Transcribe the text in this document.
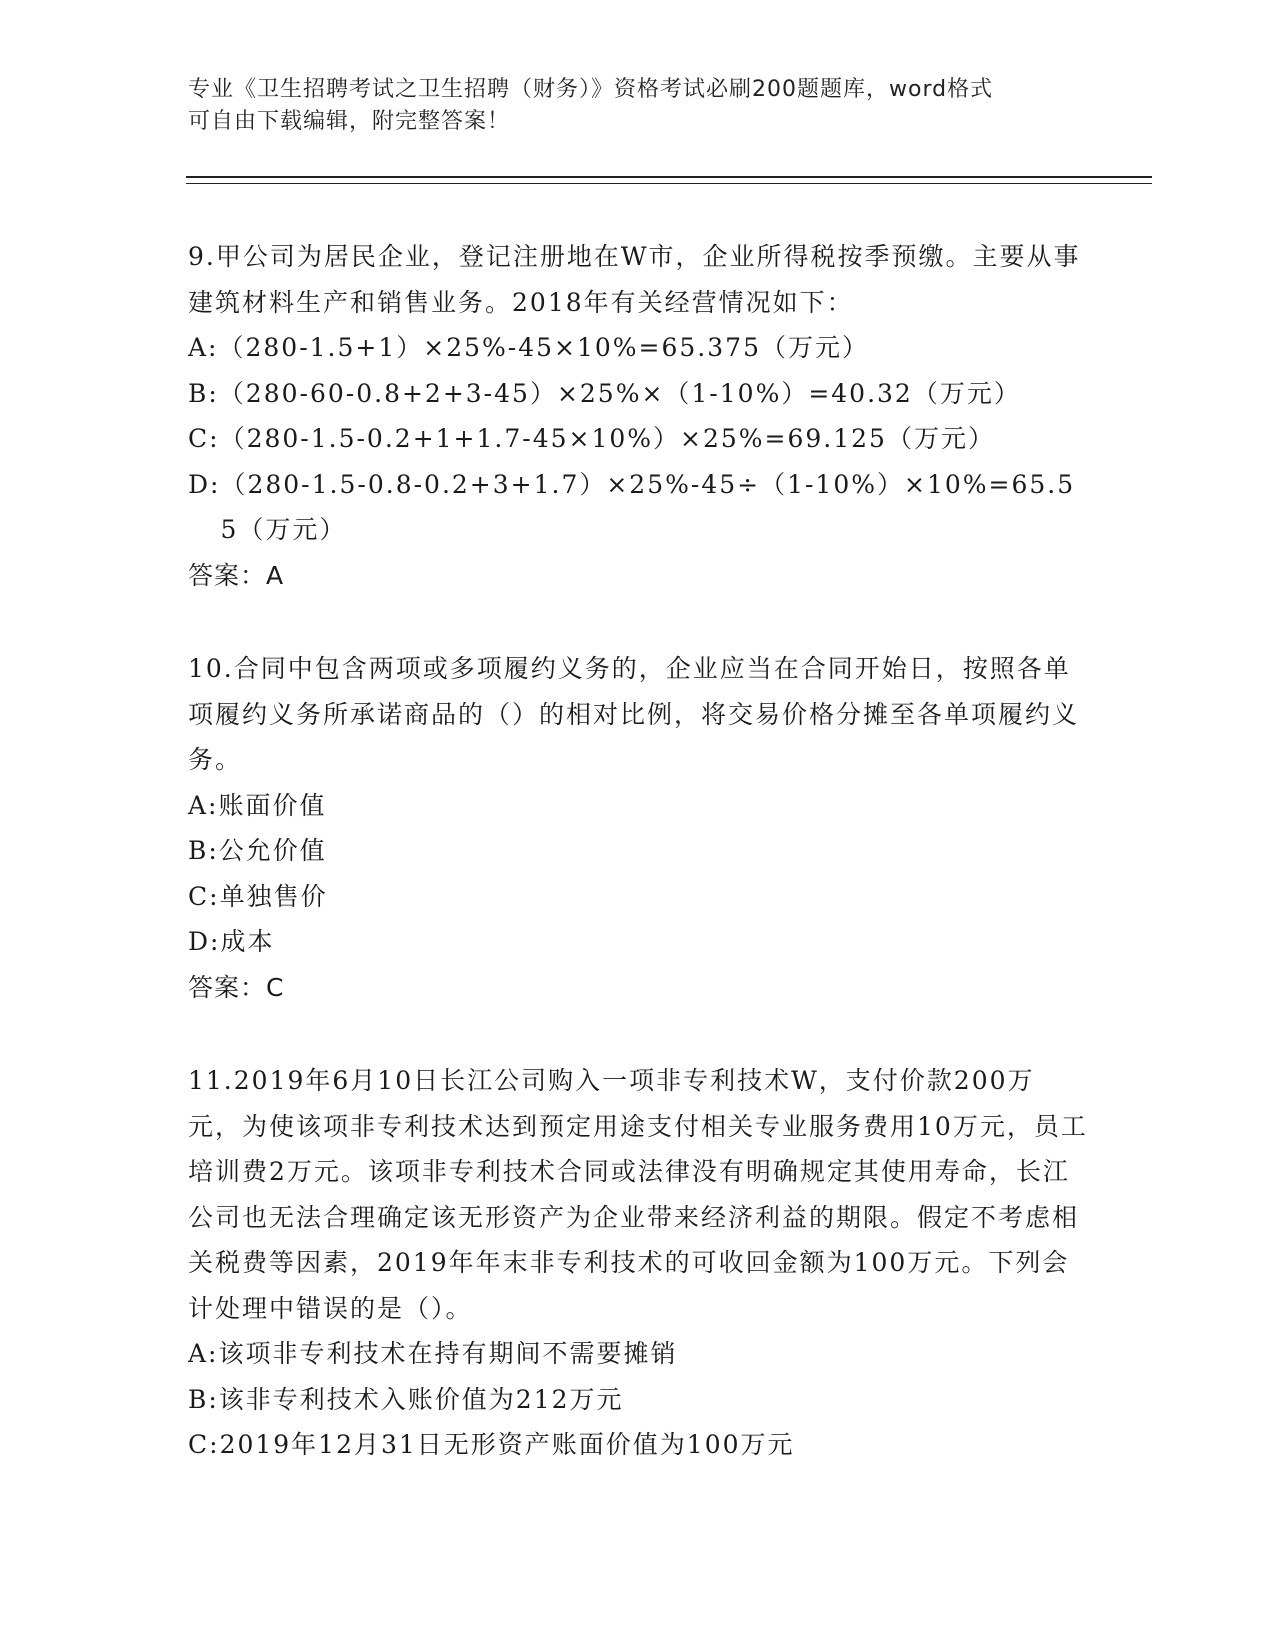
专业《卫生招聘考试之卫生招聘（财务）》资格考试必刷200题题库，word格式
可自由下载编辑，附完整答案！
9.甲公司为居民企业，登记注册地在W市，企业所得税按季预缴。主要从事建筑材料生产和销售业务。2018年有关经营情况如下：
A: （280-1.5+1）×25%-45×10%=65.375（万元）
B: （280-60-0.8+2+3-45）×25%×（1-10%）=40.32（万元）
C: （280-1.5-0.2+1+1.7-45×10%）×25%=69.125（万元）
D: （280-1.5-0.8-0.2+3+1.7）×25%-45÷（1-10%）×10%=65.55（万元）
答案：A
10.合同中包含两项或多项履约义务的，企业应当在合同开始日，按照各单项履约义务所承诺商品的（）的相对比例，将交易价格分摊至各单项履约义务。
A: 账面价值
B: 公允价值
C: 单独售价
D: 成本
答案：C
11.2019年6月10日长江公司购入一项非专利技术W，支付价款200万元，为使该项非专利技术达到预定用途支付相关专业服务费用10万元，员工培训费2万元。该项非专利技术合同或法律没有明确规定其使用寿命，长江公司也无法合理确定该无形资产为企业带来经济利益的期限。假定不考虑相关税费等因素，2019年年末非专利技术的可收回金额为100万元。下列会计处理中错误的是（）。
A: 该项非专利技术在持有期间不需要摊销
B: 该非专利技术入账价值为212万元
C: 2019年12月31日无形资产账面价值为100万元
